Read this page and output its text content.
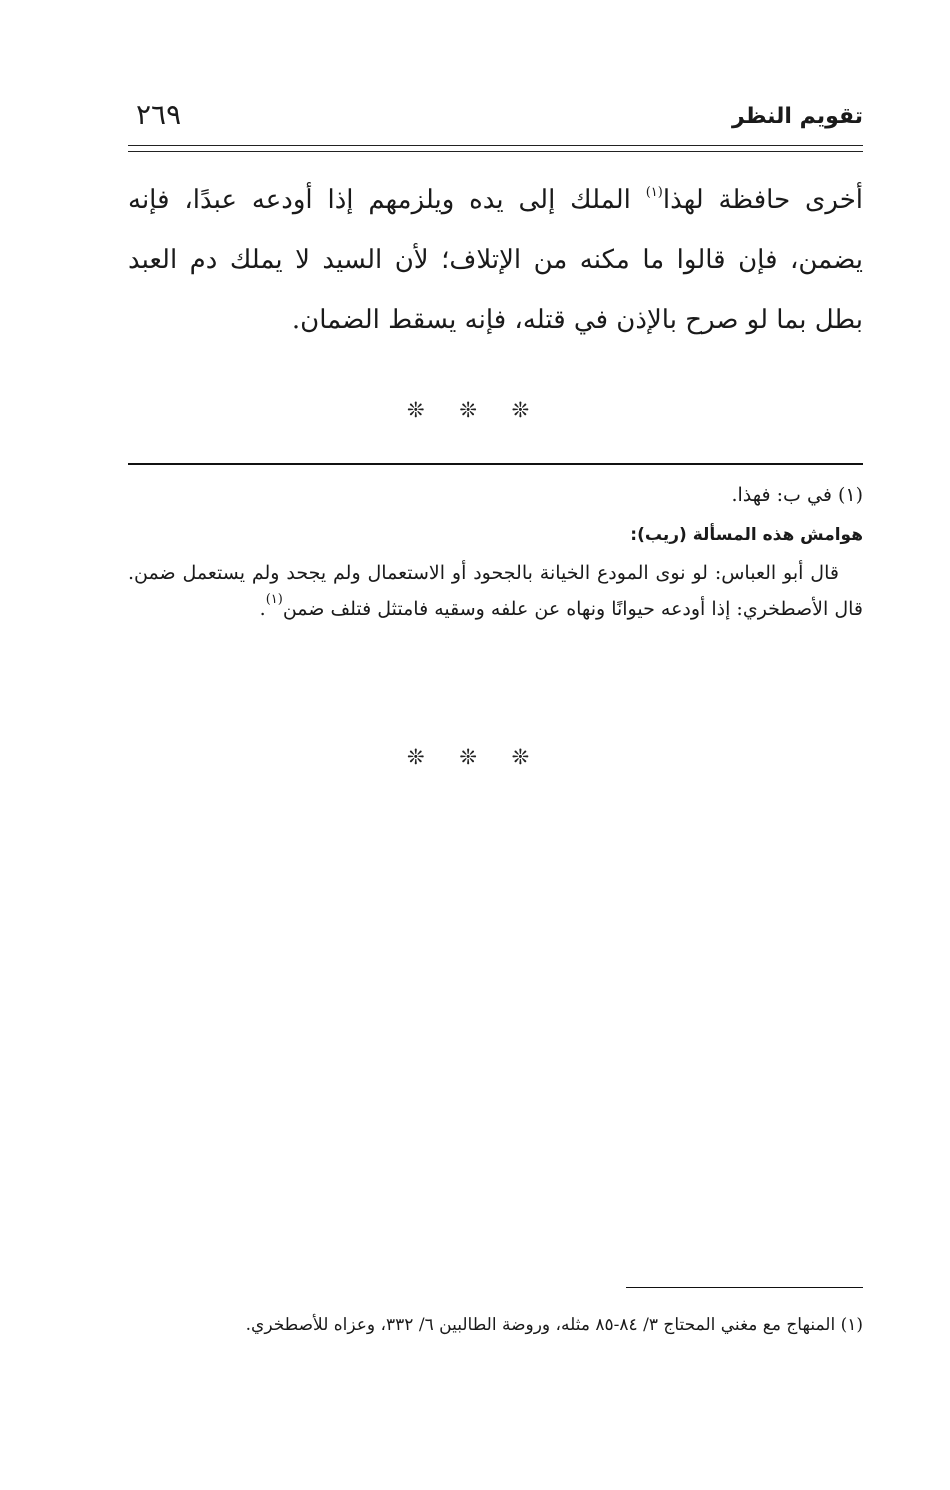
تقويم النظر
٢٦٩

أخرى حافظة لهذا$^{(١)}$ الملك إلى يده ويلزمهم إذا أودعه عبدًا، فإنه يضمن، فإن قالوا ما مكنه من الإتلاف؛ لأن السيد لا يملك دم العبد بطل بما لو صرح بالإذن في قتله، فإنه يسقط الضمان.

❊ ❊ ❊

(١) في ب: فهذا.

هوامش هذه المسألة (ريب):

قال أبو العباس: لو نوى المودع الخيانة بالجحود أو الاستعمال ولم يجحد ولم يستعمل ضمن. قال الأصطخري: إذا أودعه حيوانًا ونهاه عن علفه وسقيه فامتثل فتلف ضمن$^{(١)}$.

❊ ❊ ❊

(١) المنهاج مع مغني المحتاج ٣/ ٨٤-٨٥ مثله، وروضة الطالبين ٦/ ٣٣٢، وعزاه للأصطخري.
